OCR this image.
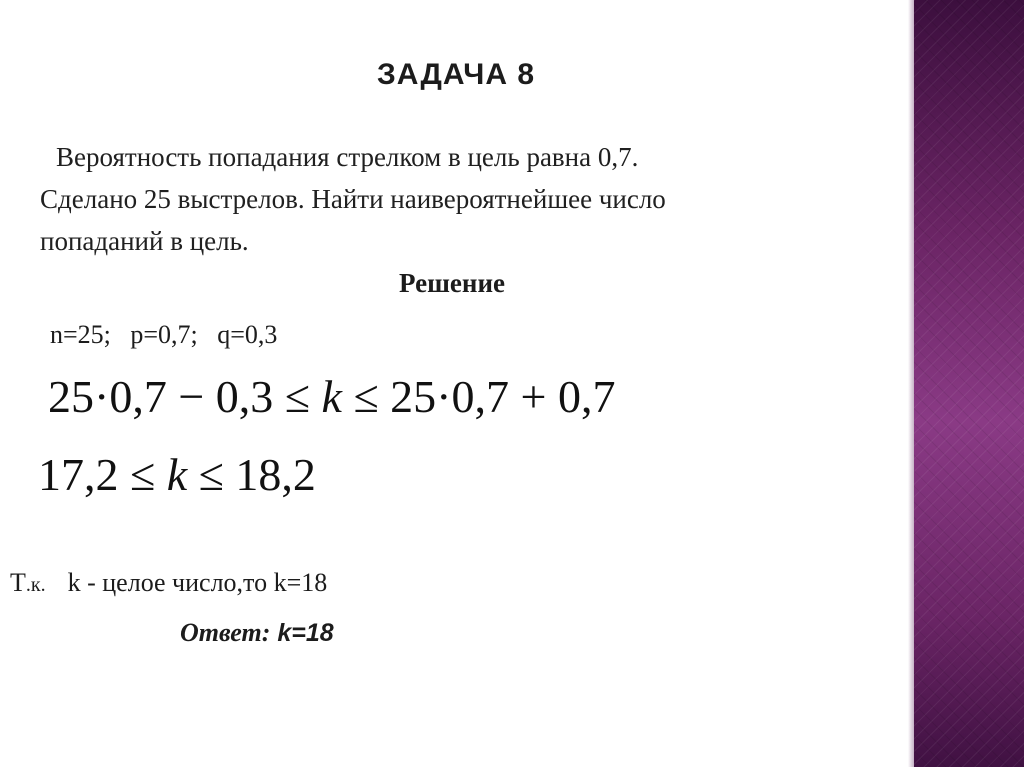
ЗАДАЧА 8
Вероятность попадания стрелком в цель равна 0,7.
Сделано 25 выстрелов. Найти наивероятнейшее число
попаданий в цель.
Решение
n=25;   p=0,7;   q=0,3
25·0,7 − 0,3 ≤ k ≤ 25·0,7 + 0,7
17,2 ≤ k ≤ 18,2
Т.к. k - целое число,то k=18
Ответ: k=18
